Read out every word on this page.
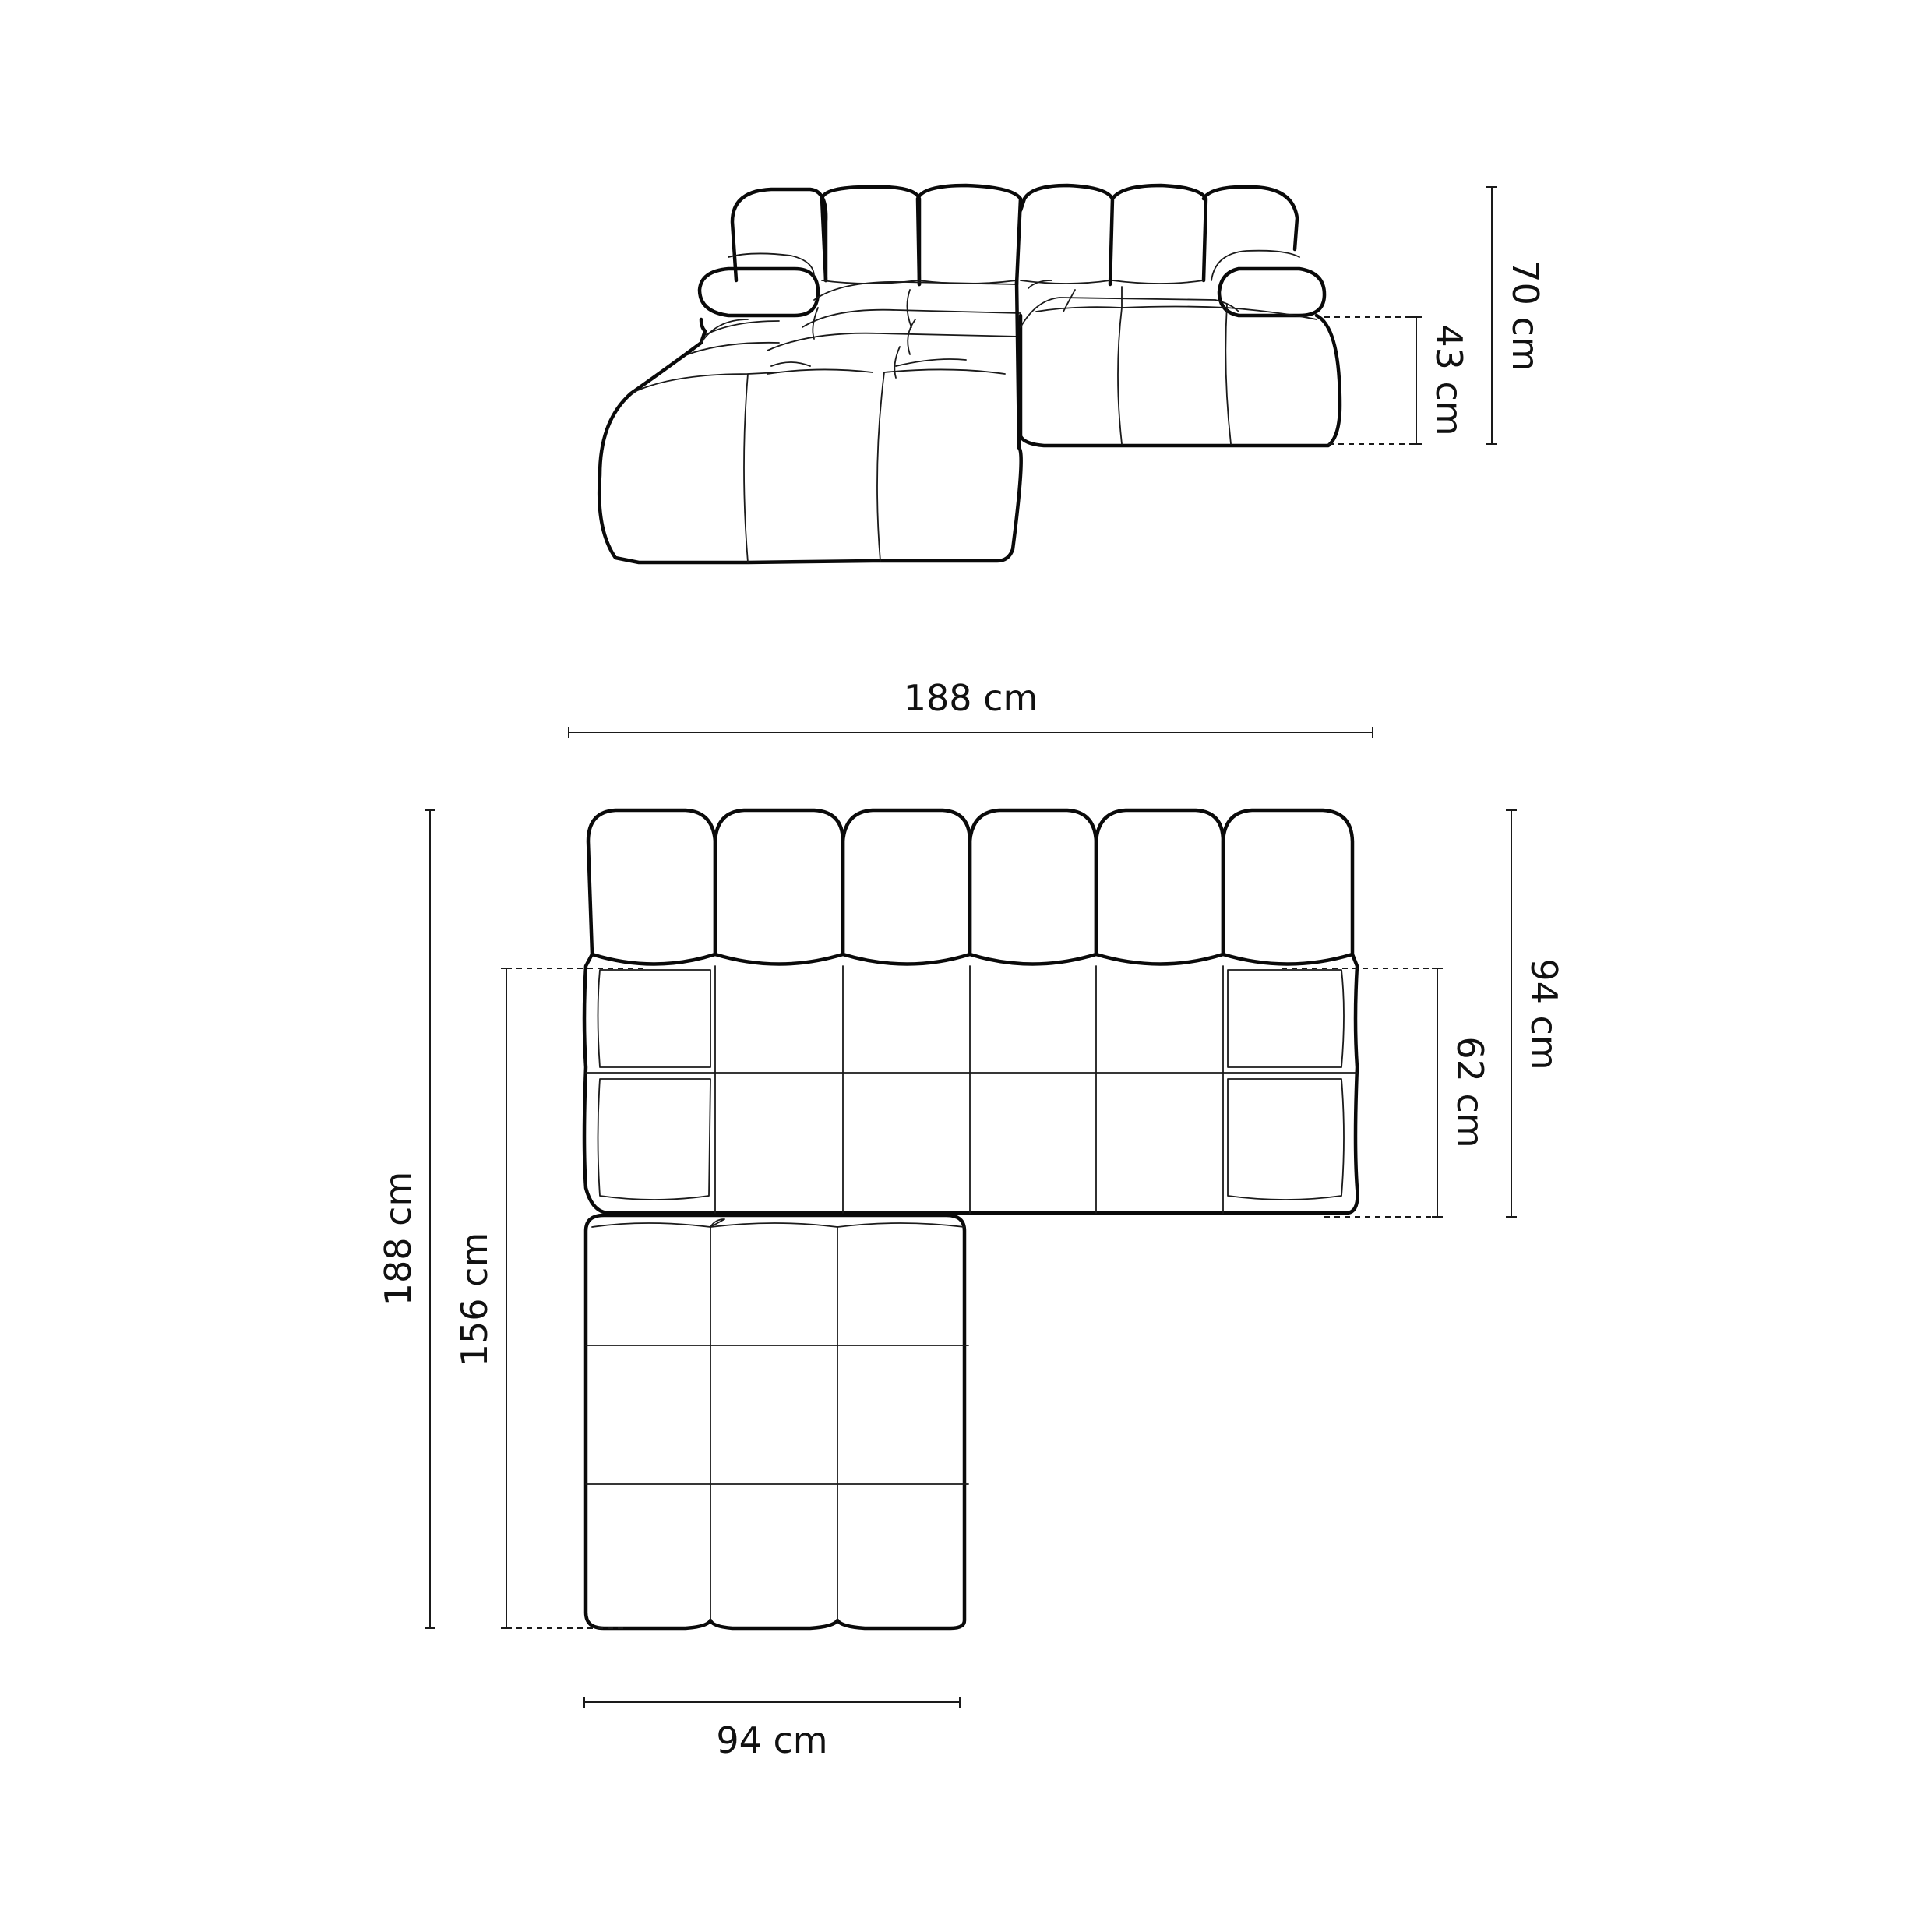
70 cm
43 cm
188 cm
188 cm 156 cm
94 cm
62 cm
94 cm
